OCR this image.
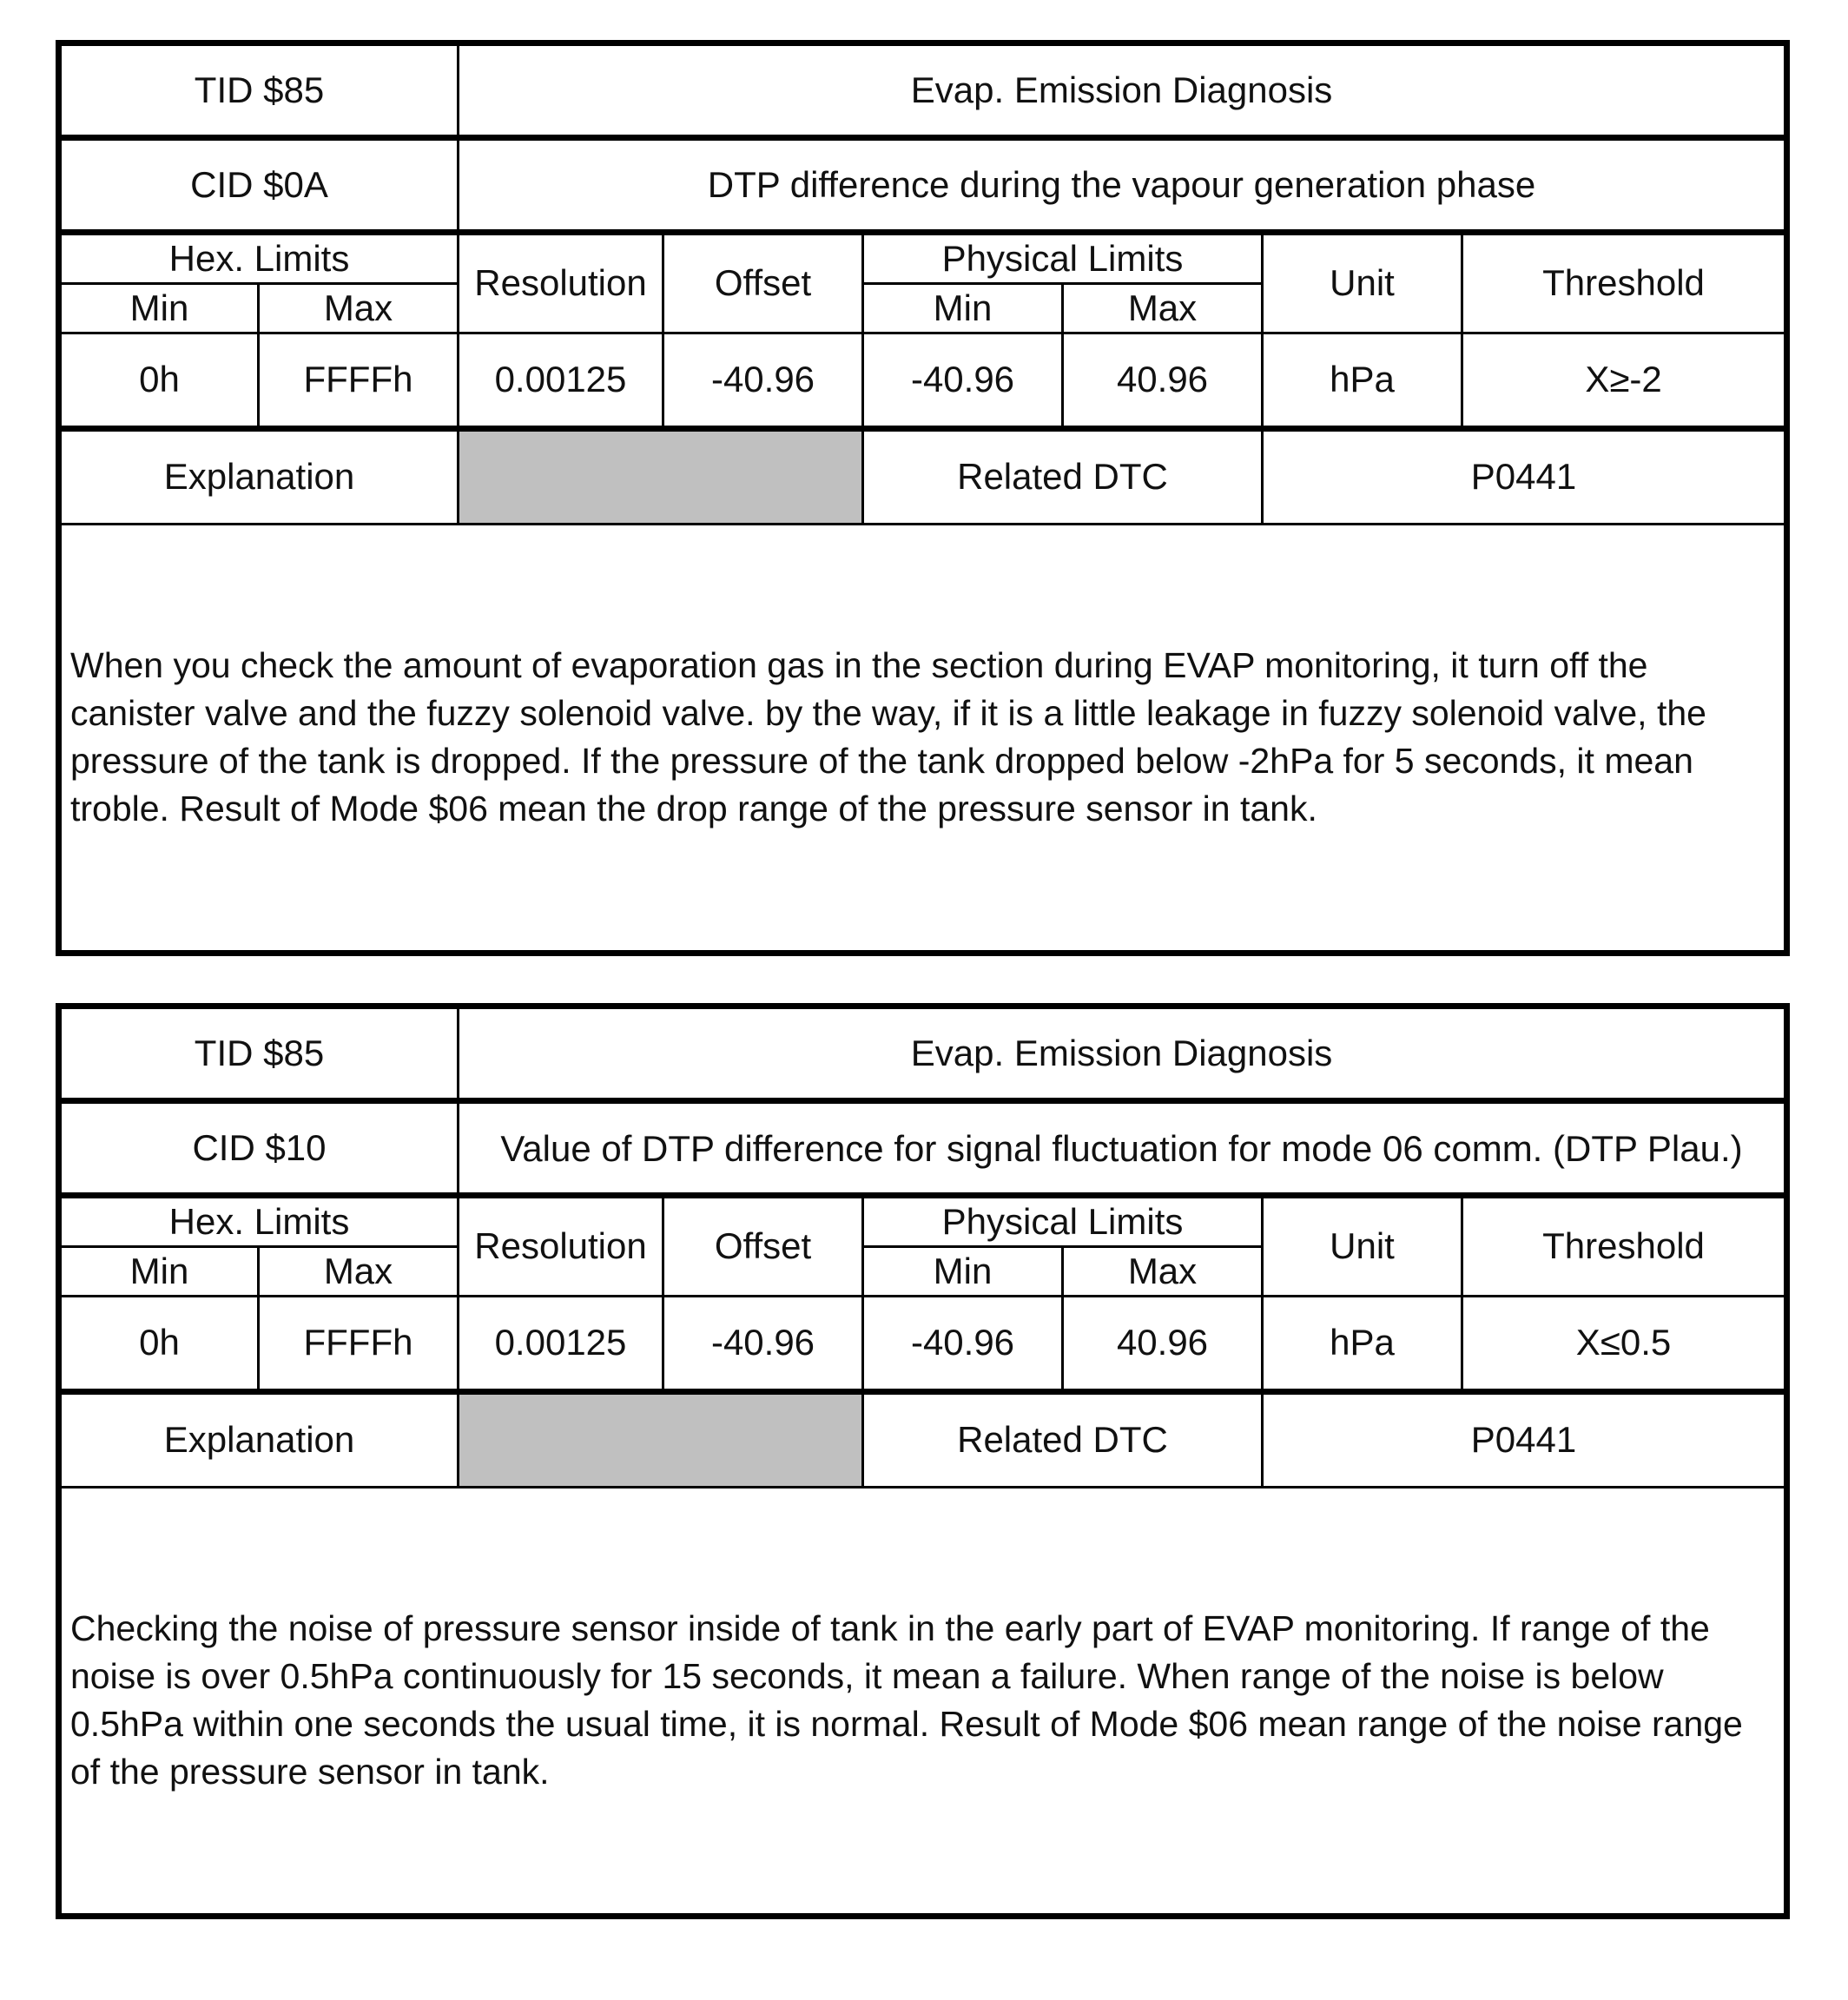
TID $85		Evap. Emission Diagnosis					
CID $0A		DTP difference during the vapour generation phase					
Hex. Limits		Resolution	Offset	Physical Limits		Unit	Threshold
Min	Max			Min	Max		
0h	FFFFh	0.00125	-40.96	-40.96	40.96	hPa	X≥-2
Explanation				Related DTC		P0441	
When you check the amount of evaporation gas in the section during EVAP monitoring, it turn off the canister valve and the fuzzy solenoid valve. by the way, if it is a little leakage in fuzzy solenoid valve, the pressure of the tank is dropped. If the pressure of the tank dropped below -2hPa for 5 seconds, it mean troble. Result of Mode $06 mean the drop range of the pressure sensor in tank.							
TID $85		Evap. Emission Diagnosis					
CID $10		Value of DTP difference for signal fluctuation for mode 06 comm. (DTP Plau.)					
Hex. Limits		Resolution	Offset	Physical Limits		Unit	Threshold
Min	Max			Min	Max		
0h	FFFFh	0.00125	-40.96	-40.96	40.96	hPa	X≤0.5
Explanation				Related DTC		P0441	
Checking the noise of pressure sensor inside of tank in the early part of EVAP monitoring. If range of the noise is over 0.5hPa continuously for 15 seconds, it mean a failure. When range of the noise is below 0.5hPa within one seconds the usual time, it is normal. Result of Mode $06 mean range of the noise range of the pressure sensor in tank.							
